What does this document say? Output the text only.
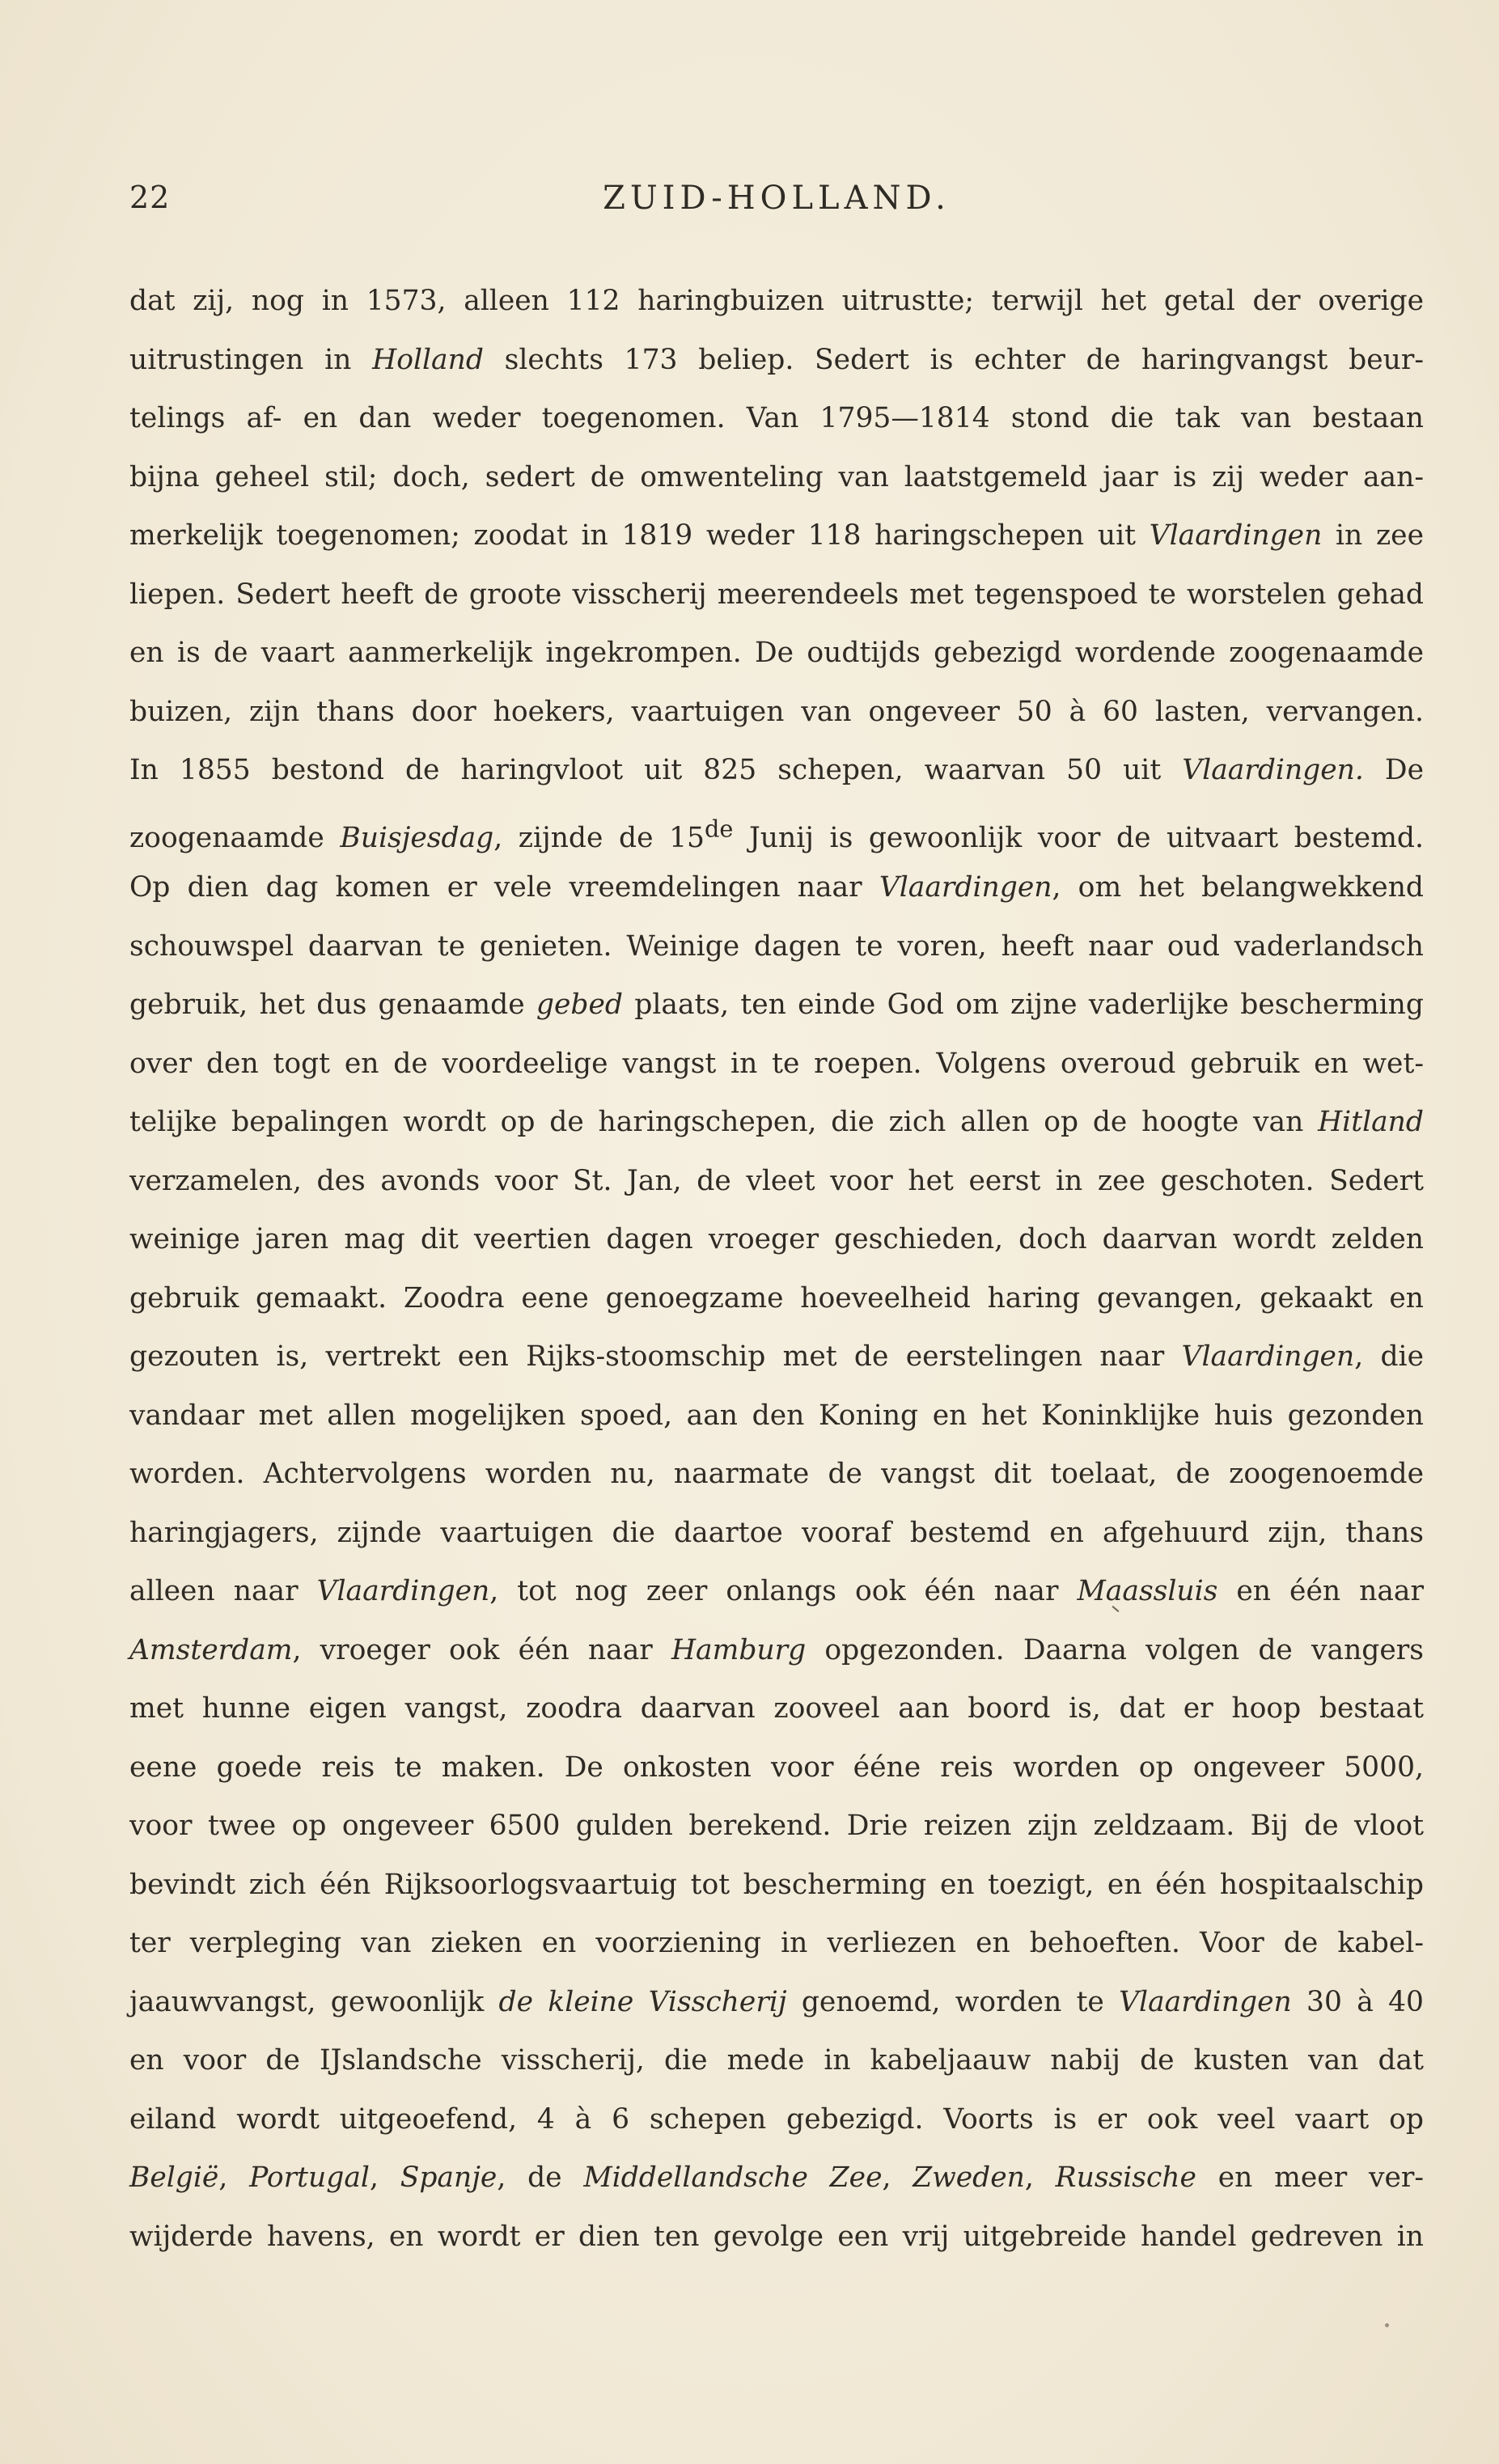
22	ZUID-HOLLAND.
dat zij, nog in 1573, alleen 112 haringbuizen uitrustte; terwijl het getal der overige
uitrustingen in Holland slechts 173 beliep. Sedert is echter de haringvangst beur-
telings af- en dan weder toegenomen. Van 1795—1814 stond die tak van bestaan
bijna geheel stil; doch, sedert de omwenteling van laatstgemeld jaar is zij weder aan-
merkelijk toegenomen; zoodat in 1819 weder 118 haringschepen uit Vlaardingen in zee
liepen. Sedert heeft de groote visscherij meerendeels met tegenspoed te worstelen gehad
en is de vaart aanmerkelijk ingekrompen. De oudtijds gebezigd wordende zoogenaamde
buizen, zijn thans door hoekers, vaartuigen van ongeveer 50 à 60 lasten, vervangen.
In 1855 bestond de haringvloot uit 825 schepen, waarvan 50 uit Vlaardingen. De
zoogenaamde Buisjesdag, zijnde de 15de Junij is gewoonlijk voor de uitvaart bestemd.
Op dien dag komen er vele vreemdelingen naar Vlaardingen, om het belangwekkend
schouwspel daarvan te genieten. Weinige dagen te voren, heeft naar oud vaderlandsch
gebruik, het dus genaamde gebed plaats, ten einde God om zijne vaderlijke bescherming
over den togt en de voordeelige vangst in te roepen. Volgens overoud gebruik en wet-
telijke bepalingen wordt op de haringschepen, die zich allen op de hoogte van Hitland
verzamelen, des avonds voor St. Jan, de vleet voor het eerst in zee geschoten. Sedert
weinige jaren mag dit veertien dagen vroeger geschieden, doch daarvan wordt zelden
gebruik gemaakt. Zoodra eene genoegzame hoeveelheid haring gevangen, gekaakt en
gezouten is, vertrekt een Rijks-stoomschip met de eerstelingen naar Vlaardingen, die
vandaar met allen mogelijken spoed, aan den Koning en het Koninklijke huis gezonden
worden. Achtervolgens worden nu, naarmate de vangst dit toelaat, de zoogenoemde
haringjagers, zijnde vaartuigen die daartoe vooraf bestemd en afgehuurd zijn, thans
alleen naar Vlaardingen, tot nog zeer onlangs ook één naar Maassluis en één naar
Amsterdam, vroeger ook één naar Hamburg opgezonden. Daarna volgen de vangers
met hunne eigen vangst, zoodra daarvan zooveel aan boord is, dat er hoop bestaat
eene goede reis te maken. De onkosten voor ééne reis worden op ongeveer 5000,
voor twee op ongeveer 6500 gulden berekend. Drie reizen zijn zeldzaam. Bij de vloot
bevindt zich één Rijksoorlogsvaartuig tot bescherming en toezigt, en één hospitaalschip
ter verpleging van zieken en voorziening in verliezen en behoeften. Voor de kabel-
jaauwvangst, gewoonlijk de kleine Visscherij genoemd, worden te Vlaardingen 30 à 40
en voor de IJslandsche visscherij, die mede in kabeljaauw nabij de kusten van dat
eiland wordt uitgeoefend, 4 à 6 schepen gebezigd. Voorts is er ook veel vaart op
België, Portugal, Spanje, de Middellandsche Zee, Zweden, Russische en meer ver-
wijderde havens, en wordt er dien ten gevolge een vrij uitgebreide handel gedreven in
